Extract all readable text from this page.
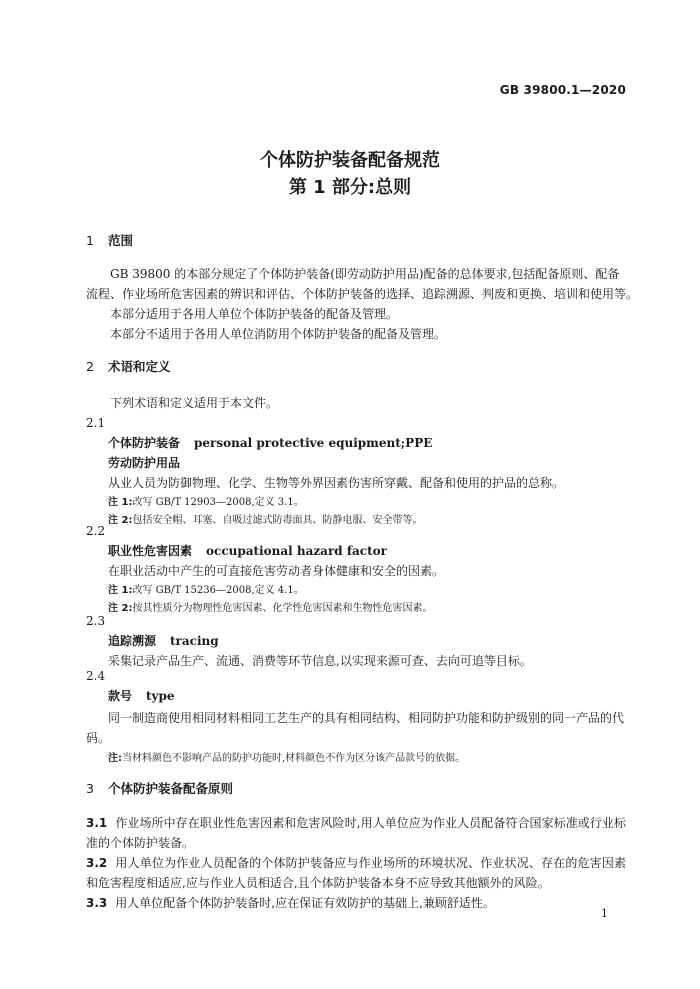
GB 39800.1—2020
个体防护装备配备规范
第 1 部分:总则
1 范围
GB 39800 的本部分规定了个体防护装备(即劳动防护用品)配备的总体要求,包括配备原则、配备
流程、作业场所危害因素的辨识和评估、个体防护装备的选择、追踪溯源、判废和更换、培训和使用等。
本部分适用于各用人单位个体防护装备的配备及管理。
本部分不适用于各用人单位消防用个体防护装备的配备及管理。
2 术语和定义
下列术语和定义适用于本文件。
2.1
个体防护装备 personal protective equipment;PPE
劳动防护用品
从业人员为防御物理、化学、生物等外界因素伤害所穿戴、配备和使用的护品的总称。
注 1:改写 GB/T 12903—2008,定义 3.1。
注 2:包括安全帽、耳塞、自吸过滤式防毒面具、防静电服、安全带等。
2.2
职业性危害因素 occupational hazard factor
在职业活动中产生的可直接危害劳动者身体健康和安全的因素。
注 1:改写 GB/T 15236—2008,定义 4.1。
注 2:按其性质分为物理性危害因素、化学性危害因素和生物性危害因素。
2.3
追踪溯源 tracing
采集记录产品生产、流通、消费等环节信息,以实现来源可查、去向可追等目标。
2.4
款号 type
同一制造商使用相同材料相同工艺生产的具有相同结构、相同防护功能和防护级别的同一产品的代码。
注:当材料颜色不影响产品的防护功能时,材料颜色不作为区分该产品款号的依据。
3 个体防护装备配备原则
3.1 作业场所中存在职业性危害因素和危害风险时,用人单位应为作业人员配备符合国家标准或行业标准的个体防护装备。
3.2 用人单位为作业人员配备的个体防护装备应与作业场所的环境状况、作业状况、存在的危害因素和危害程度相适应,应与作业人员相适合,且个体防护装备本身不应导致其他额外的风险。
3.3 用人单位配备个体防护装备时,应在保证有效防护的基础上,兼顾舒适性。
1
